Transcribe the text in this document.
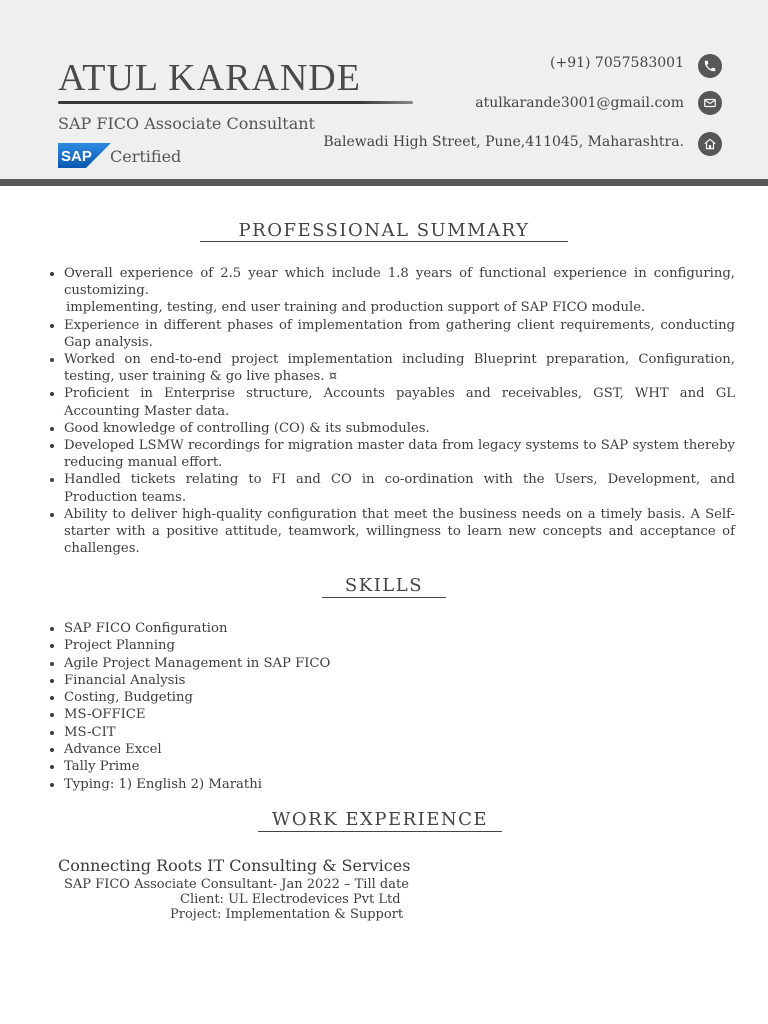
ATUL KARANDE
SAP FICO Associate Consultant
SAP Certified
(+91) 7057583001
atulkarande3001@gmail.com
Balewadi High Street, Pune,411045, Maharashtra.
PROFESSIONAL SUMMARY
• Overall experience of 2.5 year which include 1.8 years of functional experience in configuring, customizing.
implementing, testing, end user training and production support of SAP FICO module.
• Experience in different phases of implementation from gathering client requirements, conducting Gap analysis.
• Worked on end-to-end project implementation including Blueprint preparation, Configuration, testing, user training & go live phases. ¤
• Proficient in Enterprise structure, Accounts payables and receivables, GST, WHT and GL Accounting Master data.
• Good knowledge of controlling (CO) & its submodules.
• Developed LSMW recordings for migration master data from legacy systems to SAP system thereby reducing manual effort.
• Handled tickets relating to FI and CO in co-ordination with the Users, Development, and Production teams.
• Ability to deliver high-quality configuration that meet the business needs on a timely basis. A Self-starter with a positive attitude, teamwork, willingness to learn new concepts and acceptance of challenges.
SKILLS
• SAP FICO Configuration
• Project Planning
• Agile Project Management in SAP FICO
• Financial Analysis
• Costing, Budgeting
• MS-OFFICE
• MS-CIT
• Advance Excel
• Tally Prime
• Typing: 1) English 2) Marathi
WORK EXPERIENCE
Connecting Roots IT Consulting & Services
SAP FICO Associate Consultant- Jan 2022 – Till date
Client: UL Electrodevices Pvt Ltd
Project: Implementation & Support
